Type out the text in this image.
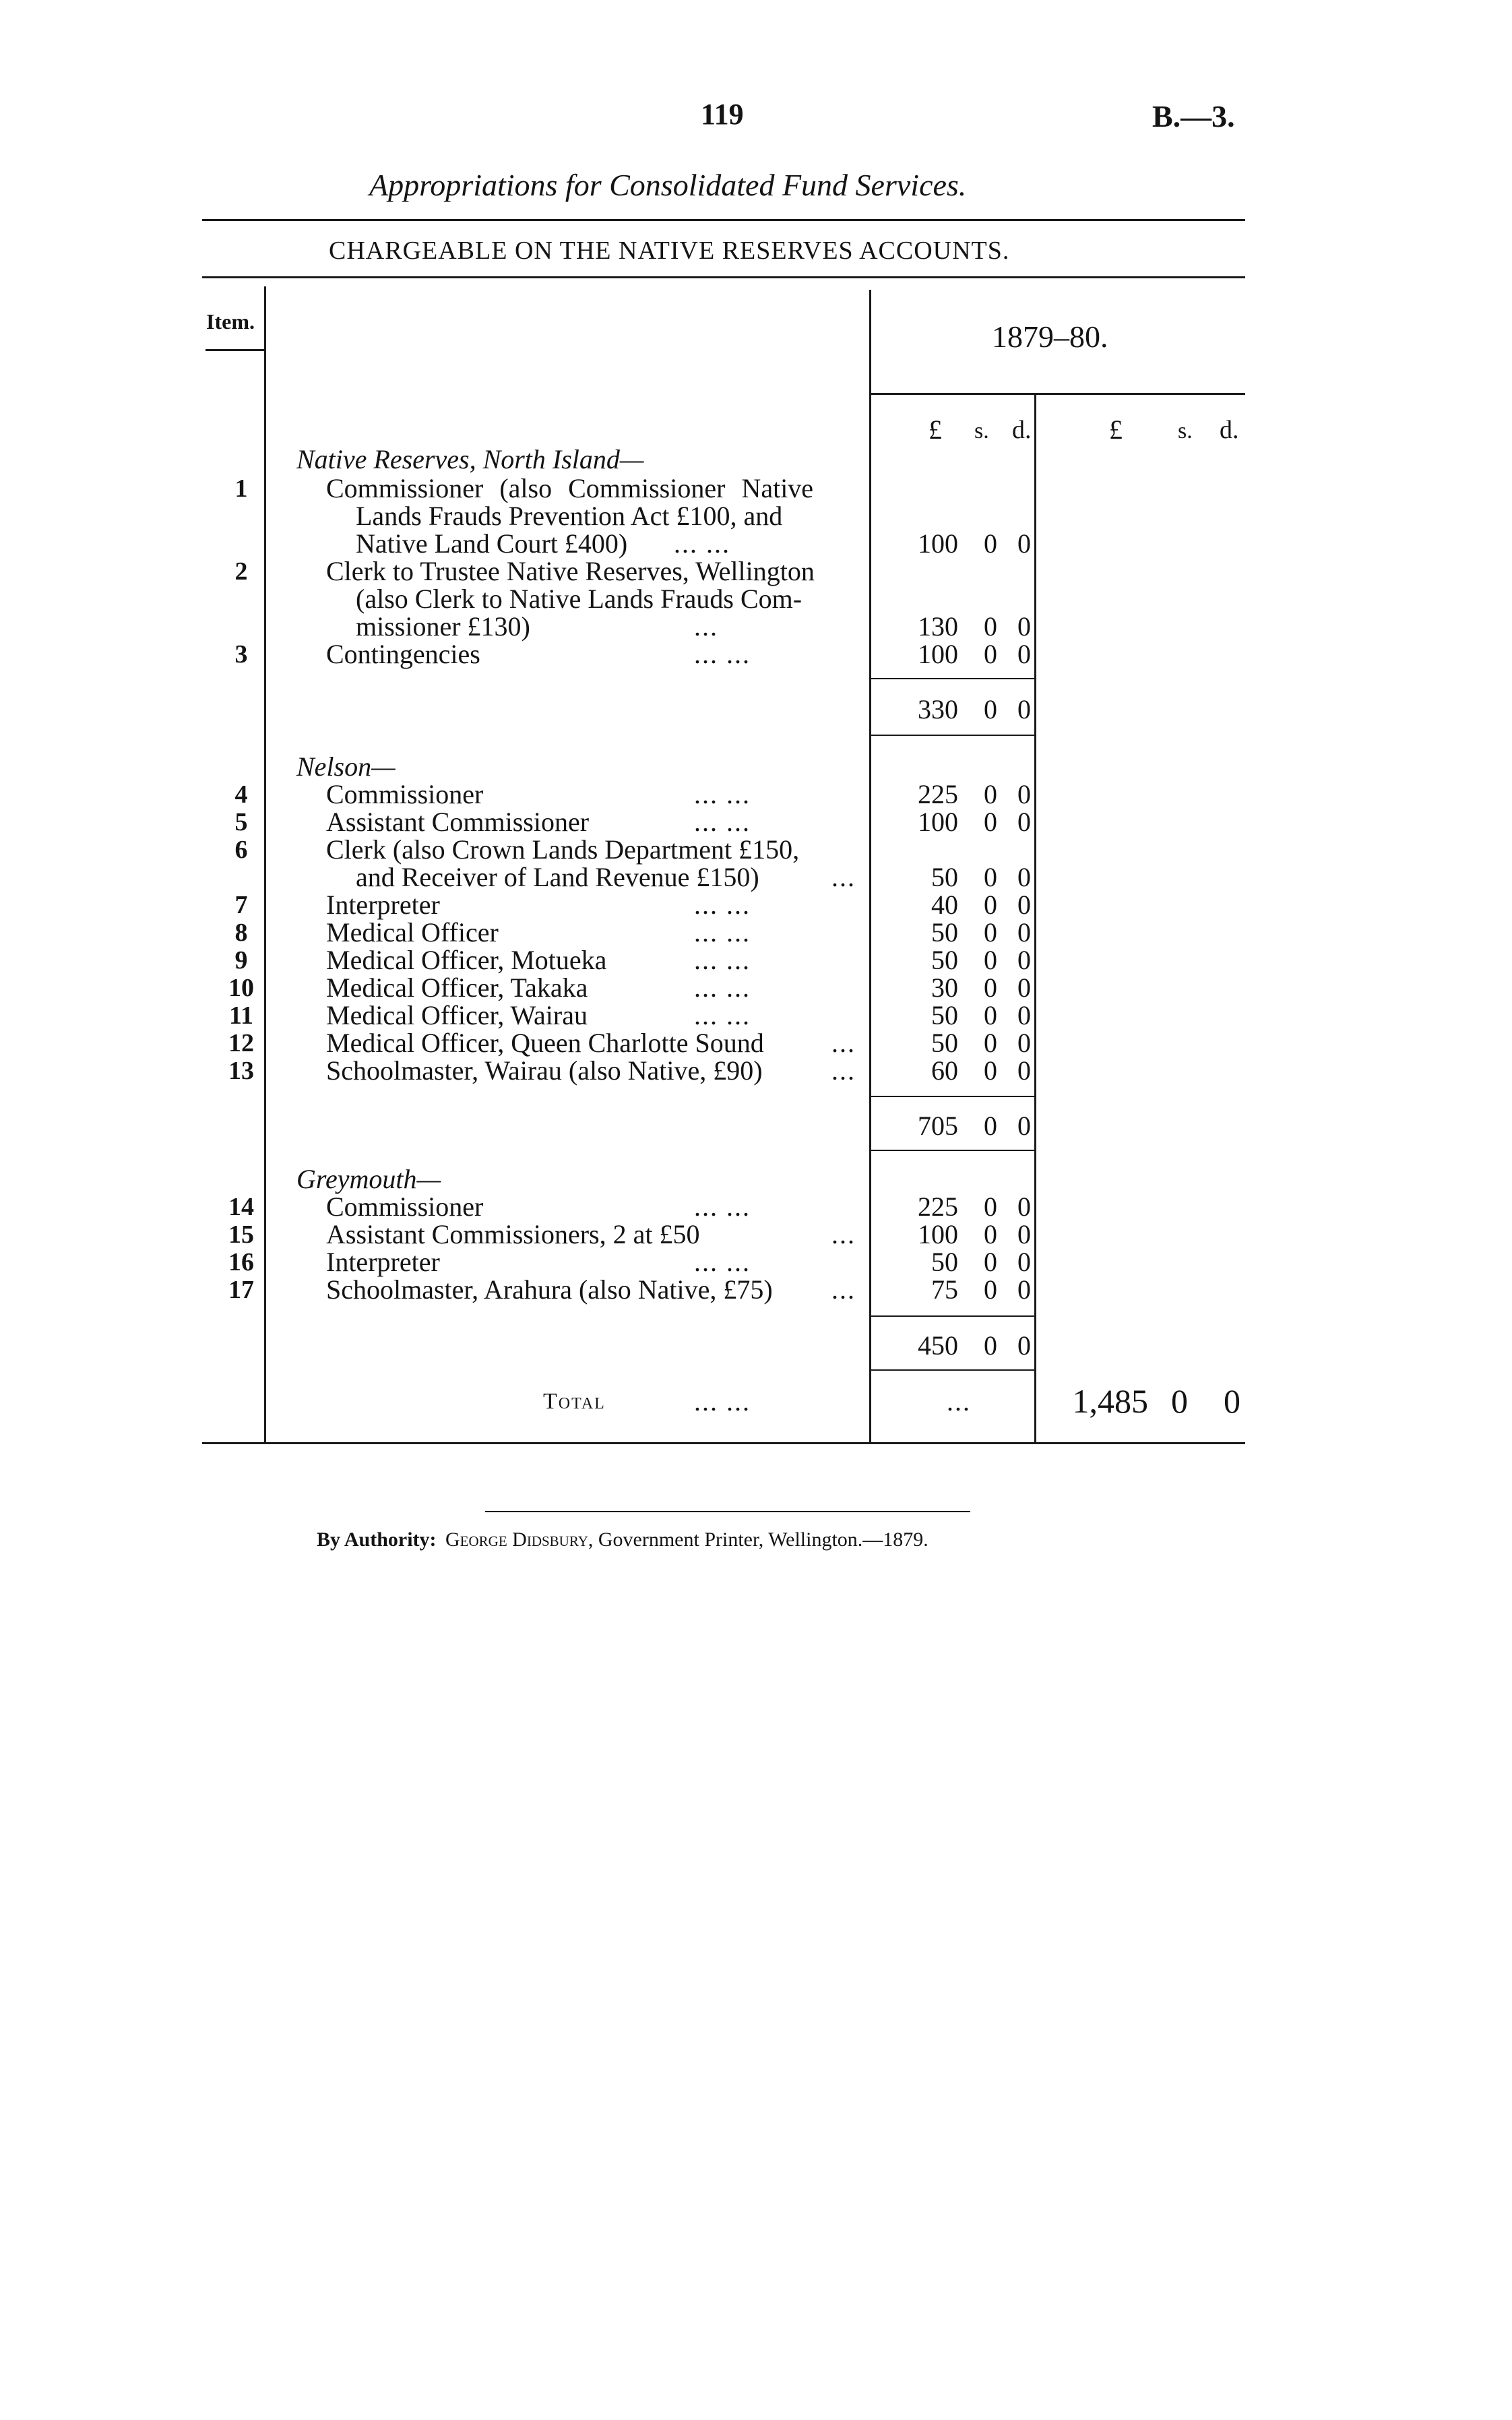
119	B.—3.
Appropriations for Consolidated Fund Services.
CHARGEABLE ON THE NATIVE RESERVES ACCOUNTS.
Item.	1879–80.
£ s. d.	£ s. d.
Native Reserves, North Island—
1	Commissioner (also Commissioner Native
Lands Frauds Prevention Act £100, and
Native Land Court £400) ... ...	100 0 0
2	Clerk to Trustee Native Reserves, Wellington
(also Clerk to Native Lands Frauds Com-
missioner £130)	...	130 0 0
3	Contingencies	... ...	100 0 0
330 0 0
Nelson—
4	Commissioner	... ...	225 0 0
5	Assistant Commissioner	... ...	100 0 0
6	Clerk (also Crown Lands Department £150,
and Receiver of Land Revenue £150)	...	50 0 0
7	Interpreter	... ...	40 0 0
8	Medical Officer	... ...	50 0 0
9	Medical Officer, Motueka	... ...	50 0 0
10	Medical Officer, Takaka	... ...	30 0 0
11	Medical Officer, Wairau	... ...	50 0 0
12	Medical Officer, Queen Charlotte Sound	...	50 0 0
13	Schoolmaster, Wairau (also Native, £90)	...	60 0 0
705 0 0
Greymouth—
14	Commissioner	... ...	225 0 0
15	Assistant Commissioners, 2 at £50	...	100 0 0
16	Interpreter	... ...	50 0 0
17	Schoolmaster, Arahura (also Native, £75) ...	75 0 0
450 0 0
Total	... ...	...	1,485 0 0
By Authority: George Didsbury, Government Printer, Wellington.—1879.
